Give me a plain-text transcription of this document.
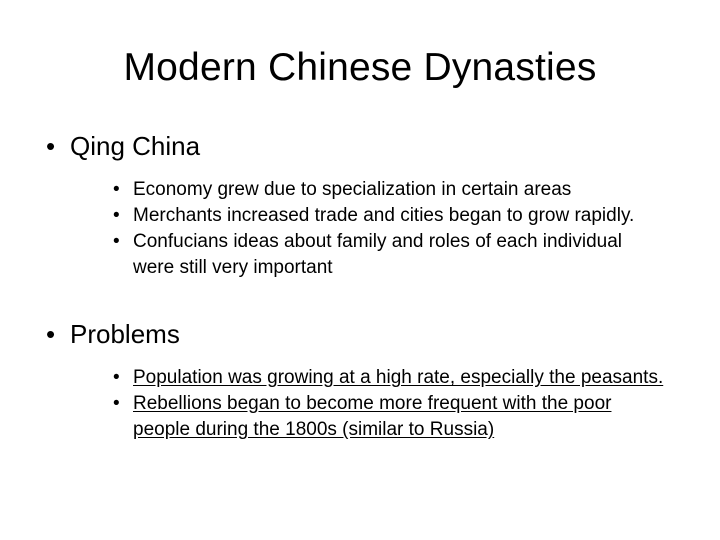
Modern Chinese Dynasties
• Qing China
• Economy grew due to specialization in certain areas
• Merchants increased trade and cities began to grow rapidly.
• Confucians ideas about family and roles of each individual were still very important
• Problems
• Population was growing at a high rate, especially the peasants.
• Rebellions began to become more frequent with the poor people during the 1800s (similar to Russia)
